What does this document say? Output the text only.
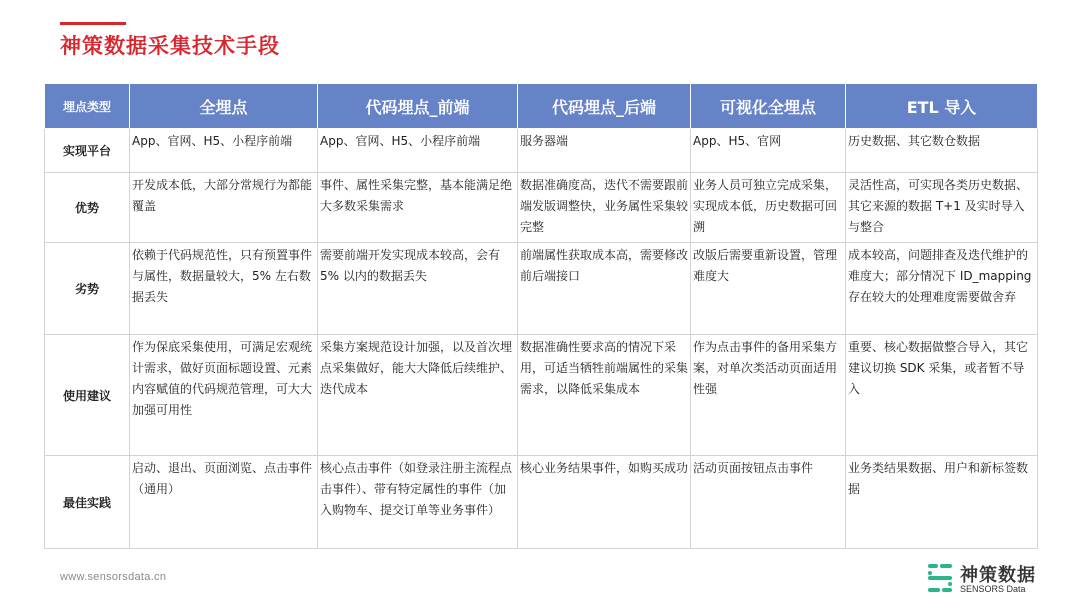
神策数据采集技术手段
埋点类型	全埋点	代码埋点_前端	代码埋点_后端	可视化全埋点	ETL 导入
实现平台	App、官网、H5、小程序前端	App、官网、H5、小程序前端	服务器端	App、H5、官网	历史数据、其它数仓数据
优势	开发成本低，大部分常规行为都能覆盖	事件、属性采集完整，基本能满足绝大多数采集需求	数据准确度高，迭代不需要跟前端发版调整快，业务属性采集较完整	业务人员可独立完成采集，实现成本低，历史数据可回溯	灵活性高，可实现各类历史数据、其它来源的数据 T+1 及实时导入与整合
劣势	依赖于代码规范性，只有预置事件与属性，数据量较大，5% 左右数据丢失	需要前端开发实现成本较高，会有5% 以内的数据丢失	前端属性获取成本高，需要修改前后端接口	改版后需要重新设置，管理难度大	成本较高，问题排查及迭代维护的难度大；部分情况下 ID_mapping 存在较大的处理难度需要做舍弃
使用建议	作为保底采集使用，可满足宏观统计需求，做好页面标题设置、元素内容赋值的代码规范管理，可大大加强可用性	采集方案规范设计加强，以及首次埋点采集做好，能大大降低后续维护、迭代成本	数据准确性要求高的情况下采用，可适当牺牲前端属性的采集需求，以降低采集成本	作为点击事件的备用采集方案，对单次类活动页面适用性强	重要、核心数据做整合导入，其它建议切换 SDK 采集，或者暂不导入
最佳实践	启动、退出、页面浏览、点击事件（通用）	核心点击事件（如登录注册主流程点击事件）、带有特定属性的事件（加入购物车、提交订单等业务事件）	核心业务结果事件，如购买成功	活动页面按钮点击事件	业务类结果数据、用户和新标签数据
www.sensorsdata.cn	神策数据
SENSORS Data
